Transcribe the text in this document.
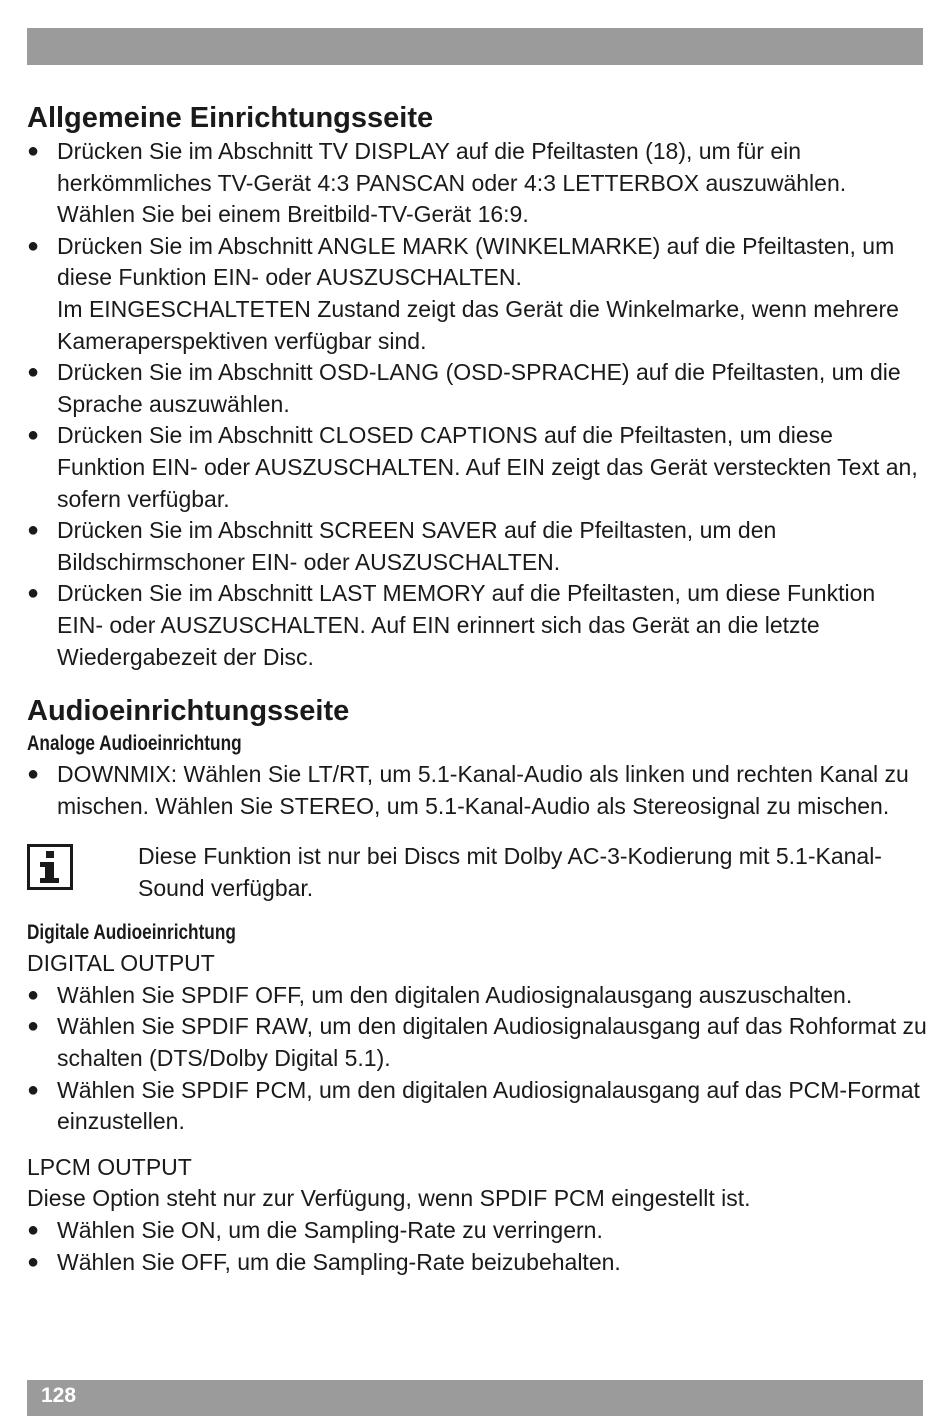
Allgemeine Einrichtungsseite
● Drücken Sie im Abschnitt TV DISPLAY auf die Pfeiltasten (18), um für ein herkömmliches TV-Gerät 4:3 PANSCAN oder 4:3 LETTERBOX auszuwählen. Wählen Sie bei einem Breitbild-TV-Gerät 16:9.
● Drücken Sie im Abschnitt ANGLE MARK (WINKELMARKE) auf die Pfeiltasten, um diese Funktion EIN- oder AUSZUSCHALTEN.
Im EINGESCHALTETEN Zustand zeigt das Gerät die Winkelmarke, wenn mehrere Kameraperspektiven verfügbar sind.
● Drücken Sie im Abschnitt OSD-LANG (OSD-SPRACHE) auf die Pfeiltasten, um die Sprache auszuwählen.
● Drücken Sie im Abschnitt CLOSED CAPTIONS auf die Pfeiltasten, um diese Funktion EIN- oder AUSZUSCHALTEN. Auf EIN zeigt das Gerät versteckten Text an, sofern verfügbar.
● Drücken Sie im Abschnitt SCREEN SAVER auf die Pfeiltasten, um den Bildschirmschoner EIN- oder AUSZUSCHALTEN.
● Drücken Sie im Abschnitt LAST MEMORY auf die Pfeiltasten, um diese Funktion EIN- oder AUSZUSCHALTEN. Auf EIN erinnert sich das Gerät an die letzte Wiedergabezeit der Disc.
Audioeinrichtungsseite
Analoge Audioeinrichtung
● DOWNMIX: Wählen Sie LT/RT, um 5.1-Kanal-Audio als linken und rechten Kanal zu mischen. Wählen Sie STEREO, um 5.1-Kanal-Audio als Stereosignal zu mischen.
Diese Funktion ist nur bei Discs mit Dolby AC-3-Kodierung mit 5.1-Kanal-Sound verfügbar.
Digitale Audioeinrichtung
DIGITAL OUTPUT
● Wählen Sie SPDIF OFF, um den digitalen Audiosignalausgang auszuschalten.
● Wählen Sie SPDIF RAW, um den digitalen Audiosignalausgang auf das Rohformat zu schalten (DTS/Dolby Digital 5.1).
● Wählen Sie SPDIF PCM, um den digitalen Audiosignalausgang auf das PCM-Format einzustellen.
LPCM OUTPUT
Diese Option steht nur zur Verfügung, wenn SPDIF PCM eingestellt ist.
● Wählen Sie ON, um die Sampling-Rate zu verringern.
● Wählen Sie OFF, um die Sampling-Rate beizubehalten.
128
